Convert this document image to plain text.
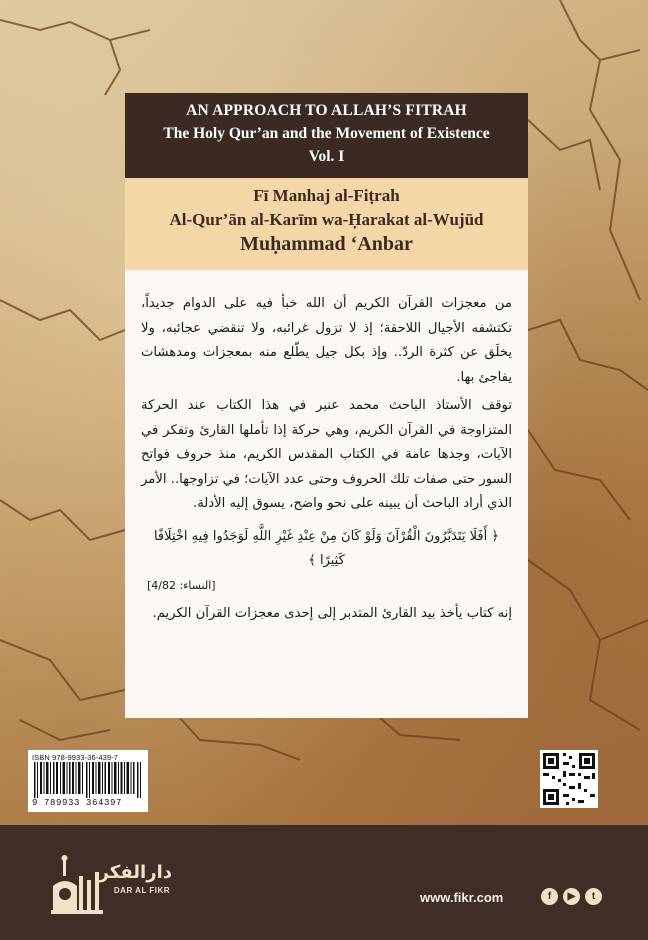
AN APPROACH TO ALLAH’S FITRAH
The Holy Qur’an and the Movement of Existence
Vol. I
Fī Manhaj al-Fiṭrah
Al-Qur’ān al-Karīm wa-Ḥarakat al-Wujūd
Muḥammad ‘Anbar

من معجزات القرآن الكريم أن الله خبأ فيه على الدوام جديداً، تكتشفه الأجيال اللاحقة؛ إذ لا تزول غرائبه، ولا تنقضي عجائبه، ولا يخلَق عن كثرة الردّ.. وإذ بكل جيل يطّلع منه بمعجزات ومدهشات يفاجئ بها.

توقف الأستاذ الباحث محمد عنبر في هذا الكتاب عند الحركة المتزاوجة في القرآن الكريم، وهي حركة إذا تأملها القارئ وتفكر في الآيات، وجدها عامة في الكتاب المقدس الكريم، منذ حروف فواتح السور حتى صفات تلك الحروف وحتى عدد الآيات؛ في تزاوجها.. الأمر الذي أراد الباحث أن يبينه على نحو واضح، يسوق إليه الأدلة.

﴿ أَفَلَا يَتَدَبَّرُونَ الْقُرْآنَ وَلَوْ كَانَ مِنْ عِنْدِ غَيْرِ اللَّهِ لَوَجَدُوا فِيهِ اخْتِلَافًا كَثِيرًا ﴾

[النساء: 4/82]

إنه كتاب يأخذ بيد القارئ المتدبر إلى إحدى معجزات القرآن الكريم.

ISBN 978-9933-36-439-7
9 789933 364397
دارالفكر
DAR AL FIKR	www.fikr.com	f	▶	t
